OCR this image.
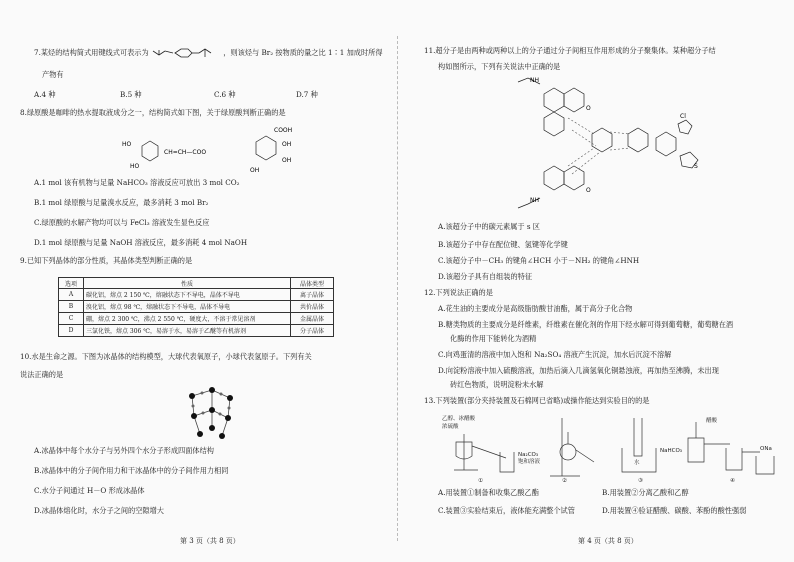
7.某烃的结构简式用键线式可表示为	，则该烃与 Br₂ 按物质的量之比 1∶1 加成时所得
产物有
A.4 种	B.5 种	C.6 种	D.7 种
8.绿原酸是咖啡的热水提取液成分之一，结构简式如下图，关于绿原酸判断正确的是
COOH
HO
HO
CH=CH—COO
OH
OH
OH
A.1 mol 该有机物与足量 NaHCO₃ 溶液反应可放出 3 mol CO₂
B.1 mol 绿原酸与足量溴水反应，最多消耗 3 mol Br₂
C.绿原酸的水解产物均可以与 FeCl₃ 溶液发生显色反应
D.1 mol 绿原酸与足量 NaOH 溶液反应，最多消耗 4 mol NaOH
9.已知下列晶体的部分性质，其晶体类型判断正确的是
选项	性质	晶体类型
A	碳化铝，熔点 2 150 ℃，熔融状态下不导电，晶体不导电	离子晶体
B	溴化铝，熔点 98 ℃，熔融状态下不导电，晶体不导电	共价晶体
C	硼，熔点 2 300 ℃，沸点 2 550 ℃，硬度大，不溶于常见溶剂	金属晶体
D	三氯化铁，熔点 306 ℃，易溶于水，易溶于乙醚等有机溶剂	分子晶体
10.水是生命之源。下图为冰晶体的结构模型，大球代表氧原子，小球代表氢原子。下列有关
说法正确的是
A.冰晶体中每个水分子与另外四个水分子形成四面体结构
B.冰晶体中的分子间作用力和干冰晶体中的分子间作用力相同
C.水分子间通过 H－O 形成冰晶体
D.冰晶体熔化时，水分子之间的空隙增大
第 3 页（共 8 页）
11.超分子是由两种或两种以上的分子通过分子间相互作用形成的分子聚集体。某种超分子结
构如图所示，下列有关说法中正确的是
NH
NH
Cl
S
O
O
A.该超分子中的碳元素属于 s 区
B.该超分子中存在配位键、氢键等化学键
C.该超分子中－CH₃ 的键角∠HCH 小于－NH₂ 的键角∠HNH
D.该超分子具有自组装的特征
12.下列说法正确的是
A.花生油的主要成分是高级脂肪酸甘油酯，属于高分子化合物
B.糖类物质的主要成分是纤维素，纤维素在催化剂的作用下经水解可得到葡萄糖，葡萄糖在酒
化酶的作用下能转化为酒精
C.向鸡蛋清的溶液中加入饱和 Na₂SO₄ 溶液产生沉淀，加水后沉淀不溶解
D.向淀粉溶液中加入硫酸溶液，加热后滴入几滴氢氧化铜悬浊液，再加热至沸腾，未出现
砖红色物质，说明淀粉未水解
13.下列装置(部分夹持装置及石棉网已省略)或操作能达到实验目的的是
乙醇、冰醋酸
浓硫酸
Na₂CO₃
饱和溶液
①	②	③	④
NaHCO₃
醋酸
水
ONa
A.用装置①制备和收集乙酸乙酯	B.用装置②分离乙酸和乙醇
C.装置③实验结束后，液体能充满整个试管	D.用装置④验证醋酸、碳酸、苯酚的酸性强弱
第 4 页（共 8 页）
